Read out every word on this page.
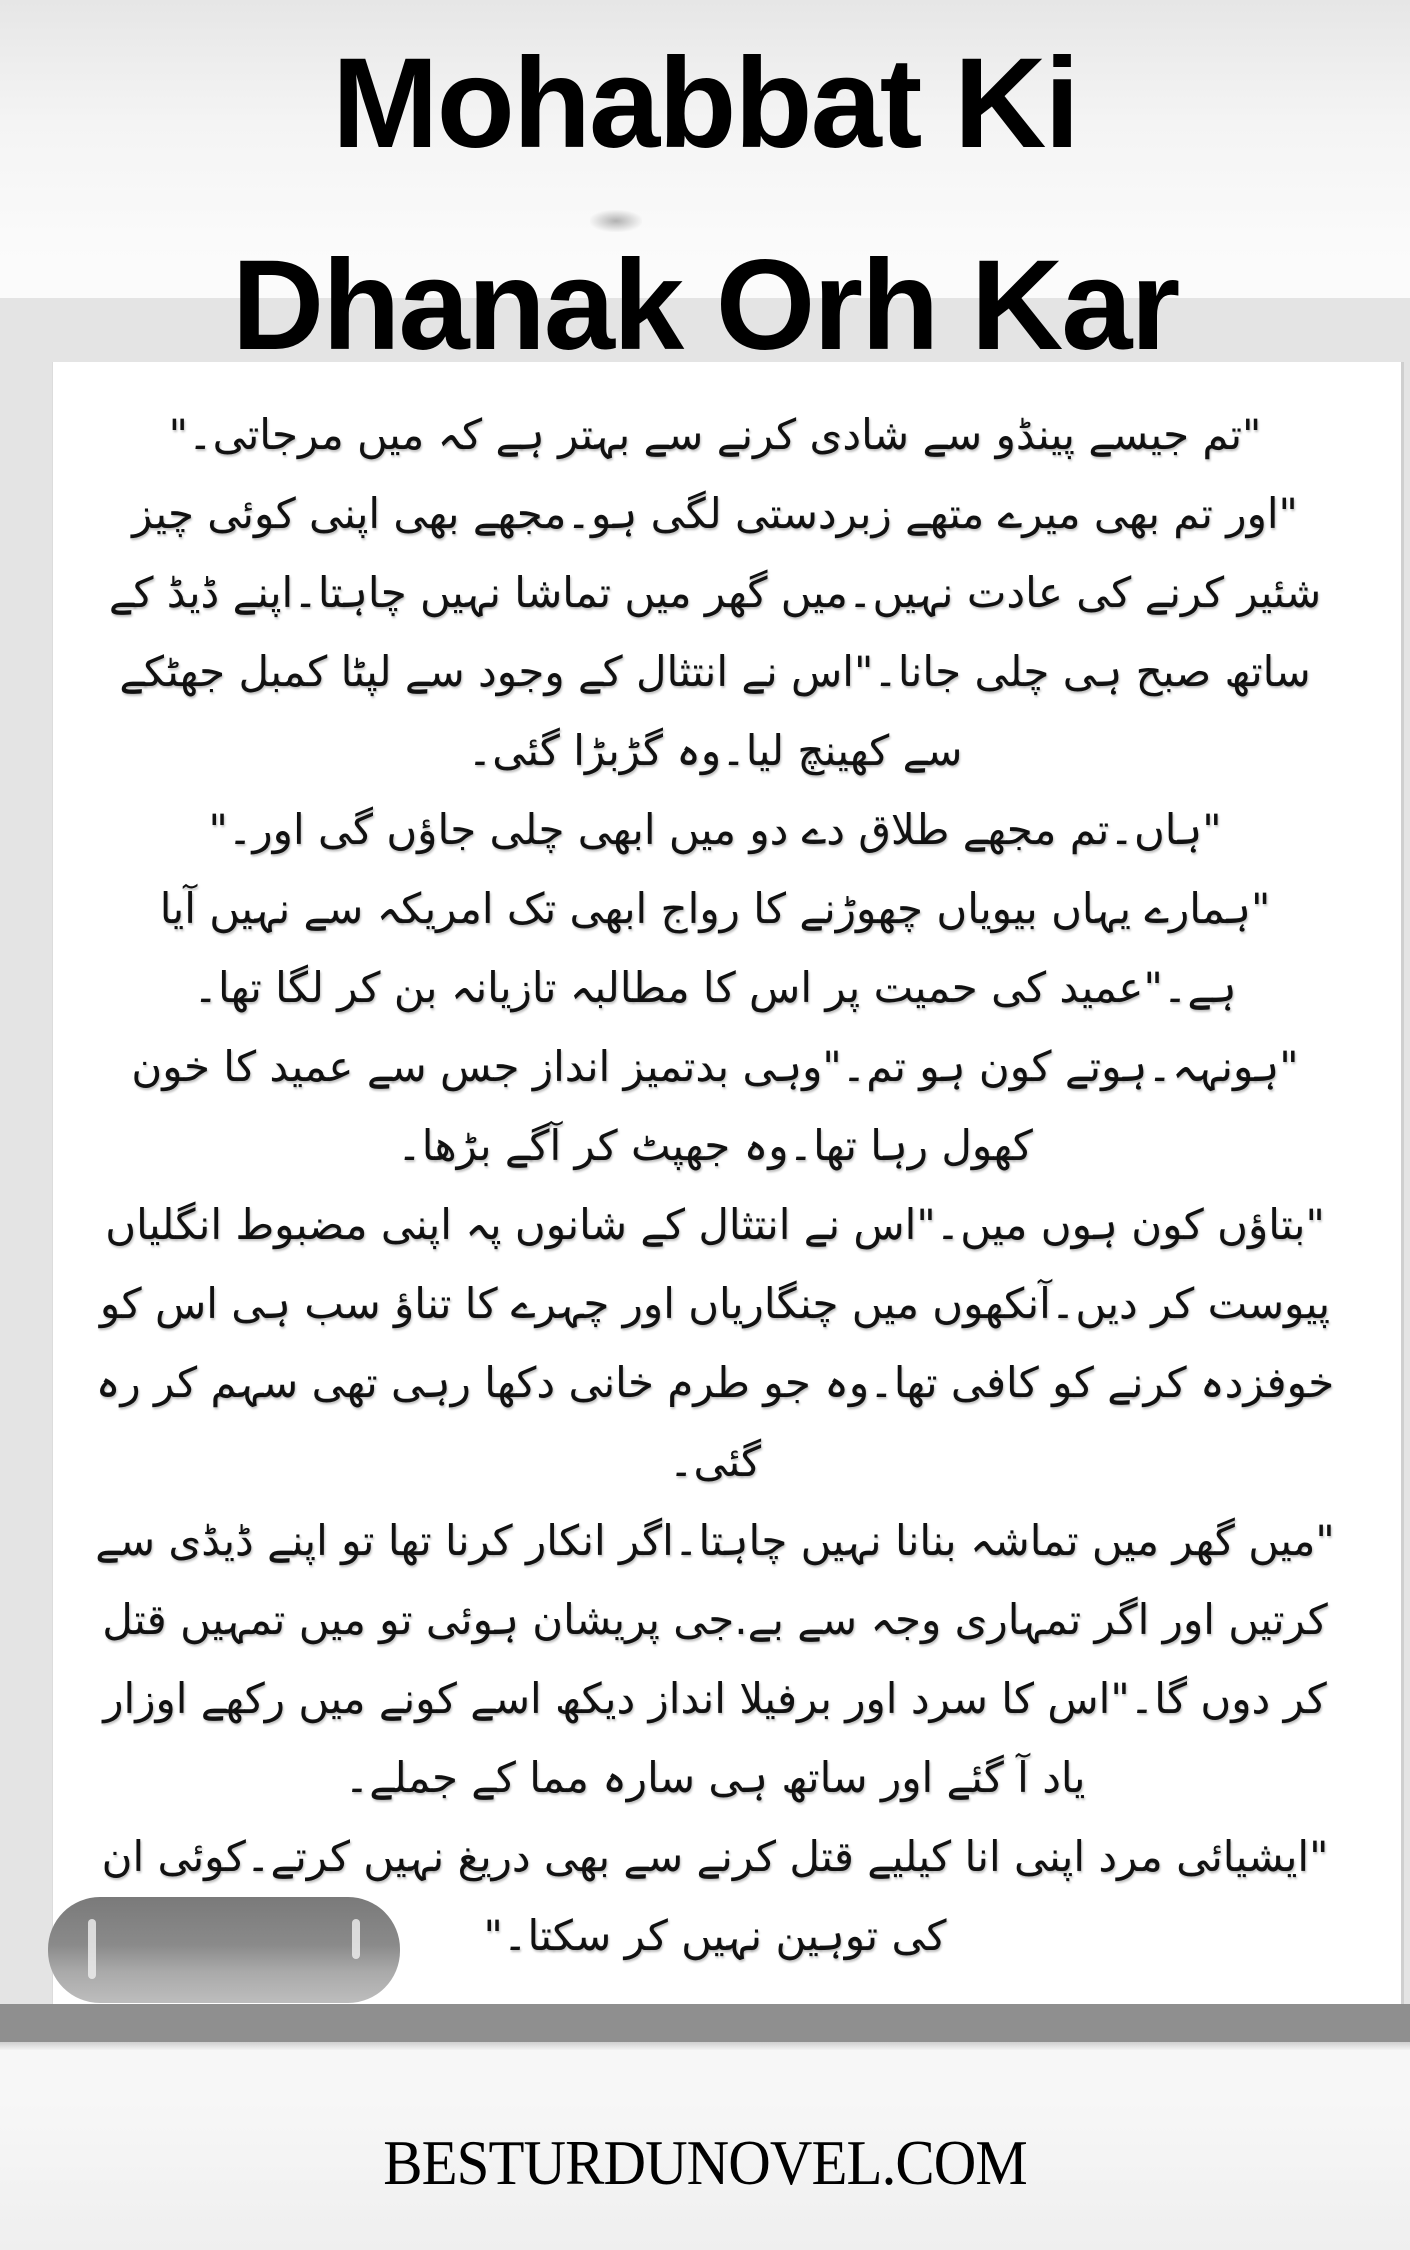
Mohabbat Ki
Dhanak Orh Kar

"تم جیسے پینڈو سے شادی کرنے سے بہتر ہے کہ میں مرجاتی۔"

"اور تم بھی میرے متھے زبردستی لگی ہو۔مجھے بھی اپنی کوئی چیز شئیر کرنے کی عادت نہیں۔میں گھر میں تماشا نہیں چاہتا۔اپنے ڈیڈ کے ساتھ صبح ہی چلی جانا۔"اس نے انتثال کے وجود سے لپٹا کمبل جھٹکے سے کھینچ لیا۔وہ گڑبڑا گئی۔

"ہاں۔تم مجھے طلاق دے دو میں ابھی چلی جاؤں گی اور۔"

"ہمارے یہاں بیویاں چھوڑنے کا رواج ابھی تک امریکہ سے نہیں آیا ہے۔"عمید کی حمیت پر اس کا مطالبہ تازیانہ بن کر لگا تھا۔

"ہونہہ۔ہوتے کون ہو تم۔"وہی بدتمیز انداز جس سے عمید کا خون کھول رہا تھا۔وہ جھپٹ کر آگے بڑھا۔

"بتاؤں کون ہوں میں۔"اس نے انتثال کے شانوں پہ اپنی مضبوط انگلیاں پیوست کر دیں۔آنکھوں میں چنگاریاں اور چہرے کا تناؤ سب ہی اس کو خوفزدہ کرنے کو کافی تھا۔وہ جو طرم خانی دکھا رہی تھی سہم کر رہ گئی۔

"میں گھر میں تماشہ بنانا نہیں چاہتا۔اگر انکار کرنا تھا تو اپنے ڈیڈی سے کرتیں اور اگر تمہاری وجہ سے بے.جی پریشان ہوئی تو میں تمہیں قتل کر دوں گا۔"اس کا سرد اور برفیلا انداز دیکھ اسے کونے میں رکھے اوزار یاد آ گئے اور ساتھ ہی سارہ مما کے جملے۔

"ایشیائی مرد اپنی انا کیلیے قتل کرنے سے بھی دریغ نہیں کرتے۔کوئی ان کی توہین نہیں کر سکتا۔"

BESTURDUNOVEL.COM
